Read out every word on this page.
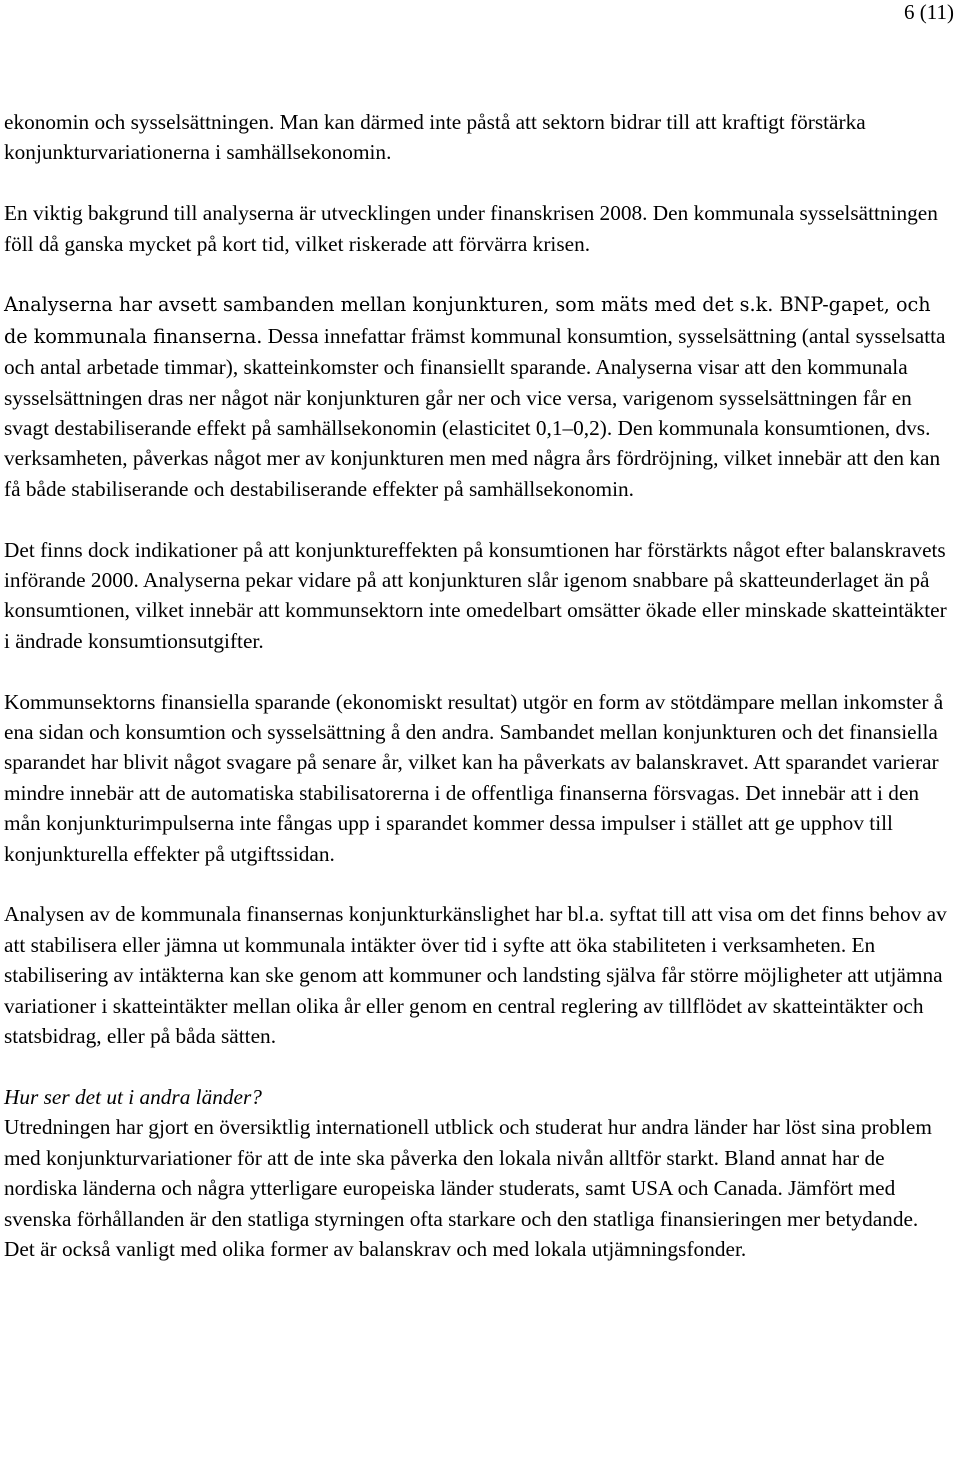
6 (11)

ekonomin och sysselsättningen. Man kan därmed inte påstå att sektorn bidrar till att kraftigt förstärka konjunkturvariationerna i samhällsekonomin.

En viktig bakgrund till analyserna är utvecklingen under finanskrisen 2008. Den kommunala sysselsättningen föll då ganska mycket på kort tid, vilket riskerade att förvärra krisen.

Analyserna har avsett sambanden mellan konjunkturen, som mäts med det s.k. BNP-gapet, och de kommunala finanserna. Dessa innefattar främst kommunal konsumtion, sysselsättning (antal sysselsatta och antal arbetade timmar), skatteinkomster och finansiellt sparande. Analyserna visar att den kommunala sysselsättningen dras ner något när konjunkturen går ner och vice versa, varigenom sysselsättningen får en svagt destabiliserande effekt på samhällsekonomin (elasticitet 0,1–0,2). Den kommunala konsumtionen, dvs. verksamheten, påverkas något mer av konjunkturen men med några års fördröjning, vilket innebär att den kan få både stabiliserande och destabiliserande effekter på samhällsekonomin.

Det finns dock indikationer på att konjunktureffekten på konsumtionen har förstärkts något efter balanskravets införande 2000. Analyserna pekar vidare på att konjunkturen slår igenom snabbare på skatteunderlaget än på konsumtionen, vilket innebär att kommunsektorn inte omedelbart omsätter ökade eller minskade skatteintäkter i ändrade konsumtionsutgifter.

Kommunsektorns finansiella sparande (ekonomiskt resultat) utgör en form av stötdämpare mellan inkomster å ena sidan och konsumtion och sysselsättning å den andra. Sambandet mellan konjunkturen och det finansiella sparandet har blivit något svagare på senare år, vilket kan ha påverkats av balanskravet. Att sparandet varierar mindre innebär att de automatiska stabilisatorerna i de offentliga finanserna försvagas. Det innebär att i den mån konjunkturimpulserna inte fångas upp i sparandet kommer dessa impulser i stället att ge upphov till konjunkturella effekter på utgiftssidan.

Analysen av de kommunala finansernas konjunkturkänslighet har bl.a. syftat till att visa om det finns behov av att stabilisera eller jämna ut kommunala intäkter över tid i syfte att öka stabiliteten i verksamheten. En stabilisering av intäkterna kan ske genom att kommuner och landsting själva får större möjligheter att utjämna variationer i skatteintäkter mellan olika år eller genom en central reglering av tillflödet av skatteintäkter och statsbidrag, eller på båda sätten.

Hur ser det ut i andra länder?

Utredningen har gjort en översiktlig internationell utblick och studerat hur andra länder har löst sina problem med konjunkturvariationer för att de inte ska påverka den lokala nivån alltför starkt. Bland annat har de nordiska länderna och några ytterligare europeiska länder studerats, samt USA och Canada. Jämfört med svenska förhållanden är den statliga styrningen ofta starkare och den statliga finansieringen mer betydande. Det är också vanligt med olika former av balanskrav och med lokala utjämningsfonder.
